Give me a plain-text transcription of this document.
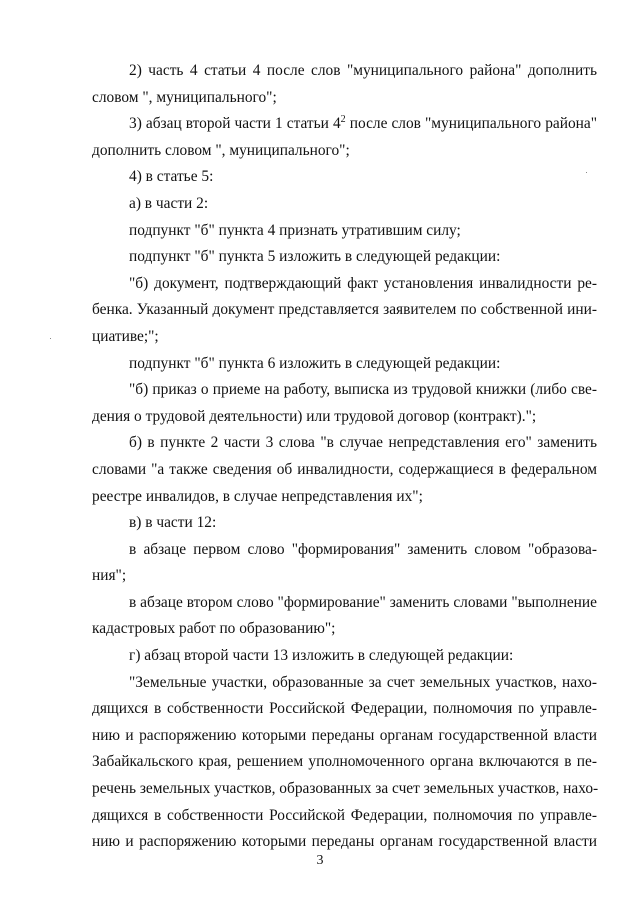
2) часть 4 статьи 4 после слов "муниципального района" дополнить
словом ", муниципального";
3) абзац второй части 1 статьи $4^2$ после слов "муниципального района"
дополнить словом ", муниципального";
4) в статье 5:
а) в части 2:
подпункт "б" пункта 4 признать утратившим силу;
подпункт "б" пункта 5 изложить в следующей редакции:
"б) документ, подтверждающий факт установления инвалидности ре-
бенка. Указанный документ представляется заявителем по собственной ини-
циативе;";
подпункт "б" пункта 6 изложить в следующей редакции:
"б) приказ о приеме на работу, выписка из трудовой книжки (либо све-
дения о трудовой деятельности) или трудовой договор (контракт).";
б) в пункте 2 части 3 слова "в случае непредставления его" заменить
словами "а также сведения об инвалидности, содержащиеся в федеральном
реестре инвалидов, в случае непредставления их";
в) в части 12:
в абзаце первом слово "формирования" заменить словом "образова-
ния";
в абзаце втором слово "формирование" заменить словами "выполнение
кадастровых работ по образованию";
г) абзац второй части 13 изложить в следующей редакции:
"Земельные участки, образованные за счет земельных участков, нахо-
дящихся в собственности Российской Федерации, полномочия по управле-
нию и распоряжению которыми переданы органам государственной власти
Забайкальского края, решением уполномоченного органа включаются в пе-
речень земельных участков, образованных за счет земельных участков, нахо-
дящихся в собственности Российской Федерации, полномочия по управле-
нию и распоряжению которыми переданы органам государственной власти
3
